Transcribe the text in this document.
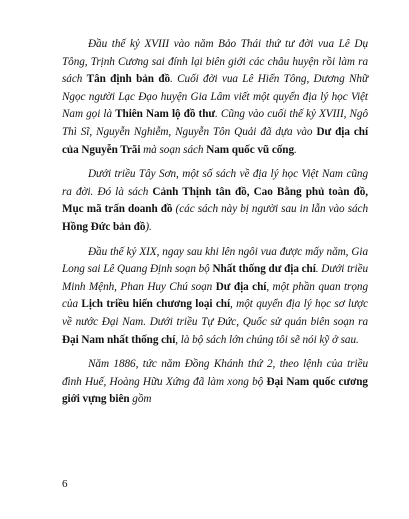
Đầu thế kỷ XVIII vào năm Bảo Thái thứ tư đời vua Lê Dụ Tông, Trịnh Cương sai đính lại biên giới các châu huyện rồi làm ra sách Tân định bản đồ. Cuối đời vua Lê Hiển Tông, Dương Nhữ Ngọc người Lạc Đạo huyện Gia Lâm viết một quyển địa lý học Việt Nam gọi là Thiên Nam lộ đồ thư. Cũng vào cuối thế kỷ XVIII, Ngô Thì Sĩ, Nguyễn Nghiễm, Nguyễn Tôn Quải đã dựa vào Dư địa chí của Nguyễn Trãi mà soạn sách Nam quốc vũ cống.

Dưới triều Tây Sơn, một số sách về địa lý học Việt Nam cũng ra đời. Đó là sách Cảnh Thịnh tân đồ, Cao Bằng phủ toàn đồ, Mục mã trấn doanh đồ (các sách này bị người sau in lẫn vào sách Hồng Đức bản đồ).

Đầu thế kỷ XIX, ngay sau khi lên ngôi vua được mấy năm, Gia Long sai Lê Quang Định soạn bộ Nhất thống dư địa chí. Dưới triều Minh Mệnh, Phan Huy Chú soạn Dư địa chí, một phần quan trọng của Lịch triều hiến chương loại chí, một quyển địa lý học sơ lược về nước Đại Nam. Dưới triều Tự Đức, Quốc sử quán biên soạn ra Đại Nam nhất thống chí, là bộ sách lớn chúng tôi sẽ nói kỹ ở sau.

Năm 1886, tức năm Đồng Khánh thứ 2, theo lệnh của triều đình Huế, Hoàng Hữu Xứng đã làm xong bộ Đại Nam quốc cương giới vựng biên gồm

6
